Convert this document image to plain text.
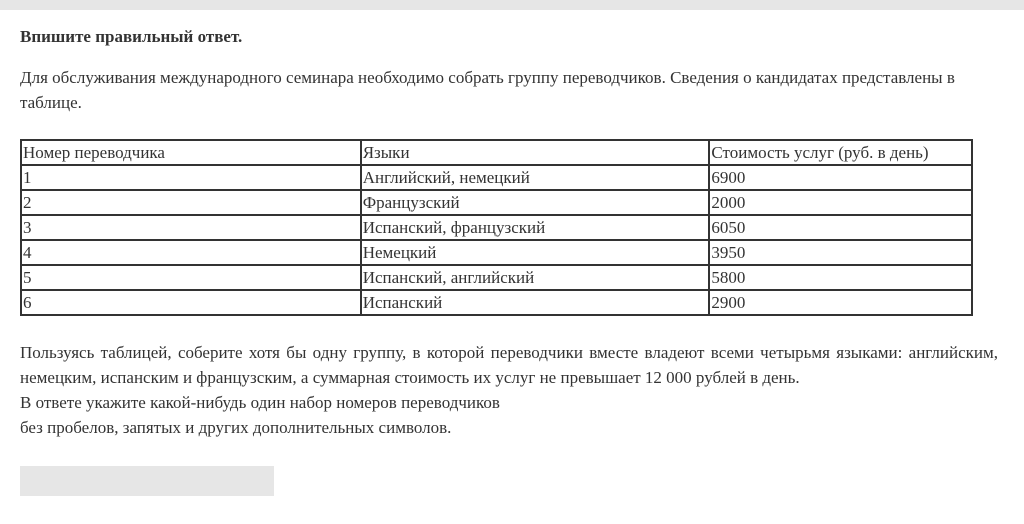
Впишите правильный ответ.

Для обслуживания международного семинара необходимо собрать группу переводчиков. Сведения о кандидатах представлены в таблице.

Номер переводчика	Языки	Стоимость услуг (руб. в день)
1	Английский, немецкий	6900
2	Французский	2000
3	Испанский, французский	6050
4	Немецкий	3950
5	Испанский, английский	5800
6	Испанский	2900
Пользуясь таблицей, соберите хотя бы одну группу, в которой переводчики вместе владеют всеми четырьмя языками: английским, немецким, испанским и французским, а суммарная стоимость их услуг не превышает 12 000 рублей в день.
В ответе укажите какой-нибудь один набор номеров переводчиков
без пробелов, запятых и других дополнительных символов.
